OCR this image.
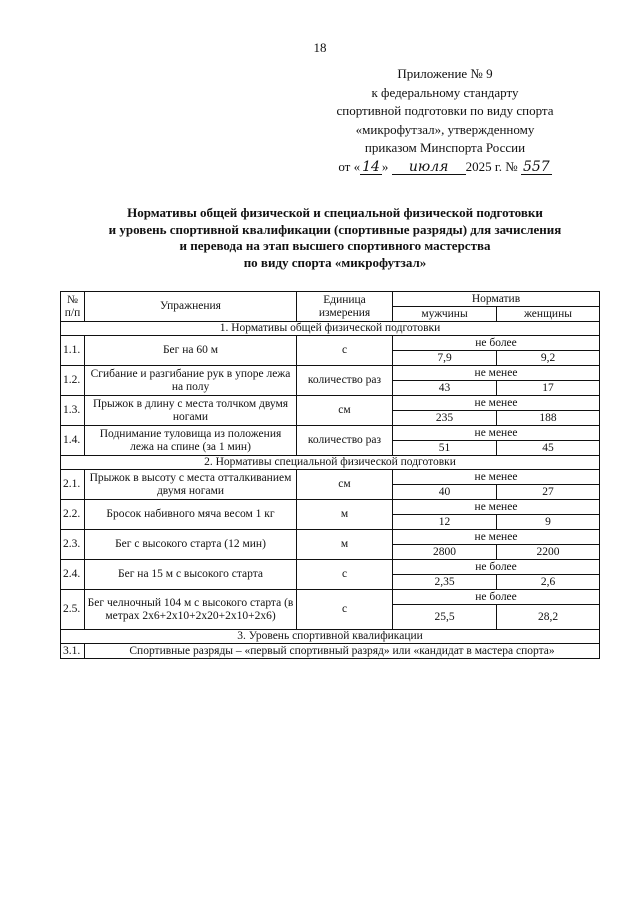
18
Приложение № 9
к федеральному стандарту
спортивной подготовки по виду спорта
«микрофутзал», утвержденному
приказом Минспорта России
от « 14 » июля 2025 г. № 557
Нормативы общей физической и специальной физической подготовки
и уровень спортивной квалификации (спортивные разряды) для зачисления
и перевода на этап высшего спортивного мастерства
по виду спорта «микрофутзал»
№ п/п	Упражнения	Единица измерения	Норматив	
			мужчины	женщины
1. Нормативы общей физической подготовки				
1.1.	Бег на 60 м	с	не более	
			7,9	9,2
1.2.	Сгибание и разгибание рук в упоре лежа на полу	количество раз	не менее	
			43	17
1.3.	Прыжок в длину с места толчком двумя ногами	см	не менее	
			235	188
1.4.	Поднимание туловища из положения лежа на спине (за 1 мин)	количество раз	не менее	
			51	45
2. Нормативы специальной физической подготовки				
2.1.	Прыжок в высоту с места отталкиванием двумя ногами	см	не менее	
			40	27
2.2.	Бросок набивного мяча весом 1 кг	м	не менее	
			12	9
2.3.	Бег с высокого старта (12 мин)	м	не менее	
			2800	2200
2.4.	Бег на 15 м с высокого старта	с	не более	
			2,35	2,6
2.5.	Бег челночный 104 м с высокого старта (в метрах 2х6+2х10+2х20+2х10+2х6)	с	не более	
			25,5	28,2
3. Уровень спортивной квалификации				
3.1.	Спортивные разряды – «первый спортивный разряд» или «кандидат в мастера спорта»			
